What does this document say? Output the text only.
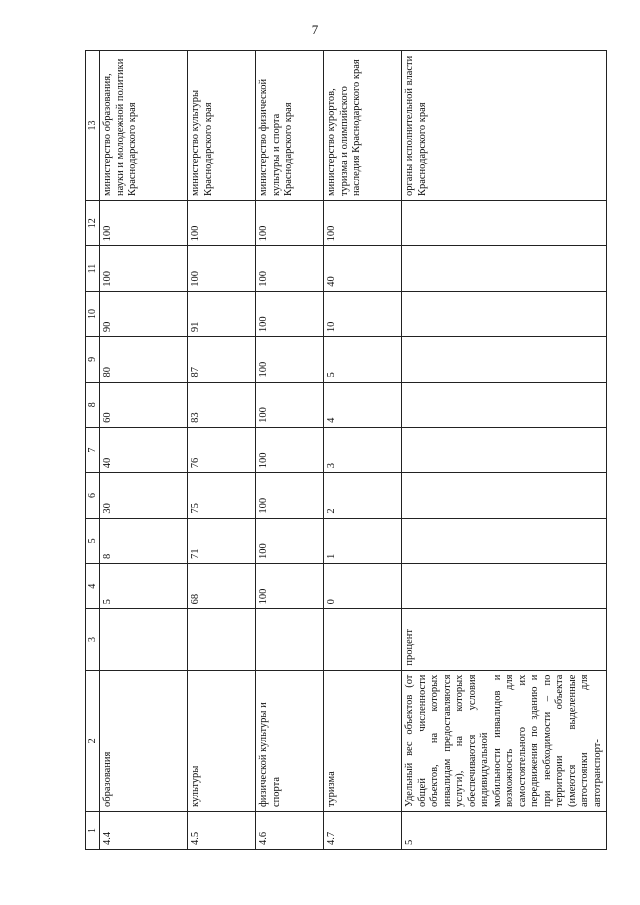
7
1	2	3	4	5	6	7	8	9	10	11	12	13
4.4	образования		5	8	30	40	60	80	90	100	100	министерство образования, науки и молодежной политики Краснодарского края
4.5	культуры		68	71	75	76	83	87	91	100	100	министерство культуры Краснодарского края
4.6	физической культуры и спорта		100	100	100	100	100	100	100	100	100	министерство физической культуры и спорта Краснодарского края
4.7	туризма		0	1	2	3	4	5	10	40	100	министерство курортов, туризма и олимпийского наследия Краснодарского края
5	Удельный вес объектов (от общей численности объектов, на которых инвалидам предоставляются услуги), на которых обеспечиваются условия индивидуальной мобильности инвалидов и возможность для самостоятельного их передвижения по зданию и при необходимости – по территории объекта (имеются выделенные автостоянки для автотранспорт-	процент										органы исполнительной власти Краснодарского края
